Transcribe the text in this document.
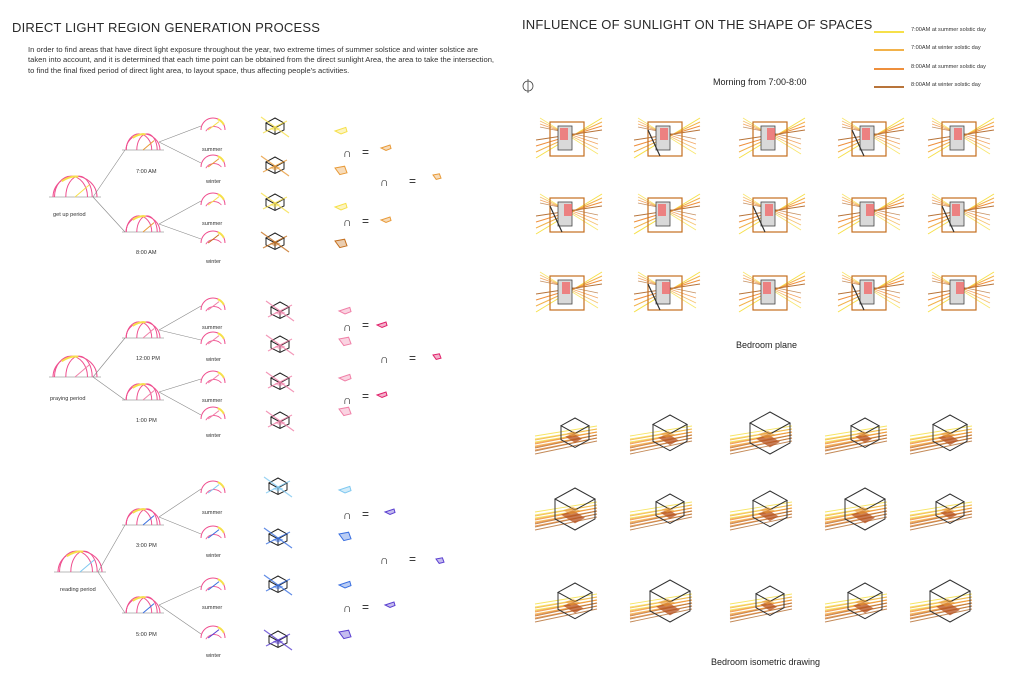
DIRECT LIGHT REGION GENERATION PROCESS
In order to find areas that have direct light exposure throughout the year, two extreme times of summer solstice and winter solstice are taken into account, and it is determined that each time point can be obtained from the direct sunlight Area, the area to take the intersection, to find the final fixed period of direct light area, to layout space, thus affecting people's activities.
get up period
7:00 AM
8:00 AM
summer
winter
summer
winter
praying period
12:00 PM
1:00 PM
summer
winter
summer
winter
reading period
3:00 PM
5:00 PM
summer
winter
summer
winter
∩ =
∩ =
∩ =
∩ =
∩ =
∩ =
∩ =
∩ =
∩ =
INFLUENCE OF SUNLIGHT ON THE SHAPE OF SPACES
Morning from 7:00-8:00
Bedroom plane
Bedroom isometric drawing
7:00AM at summer solstic day
7:00AM at winter solstic day
8:00AM at summer solstic day
8:00AM at winter solstic day
